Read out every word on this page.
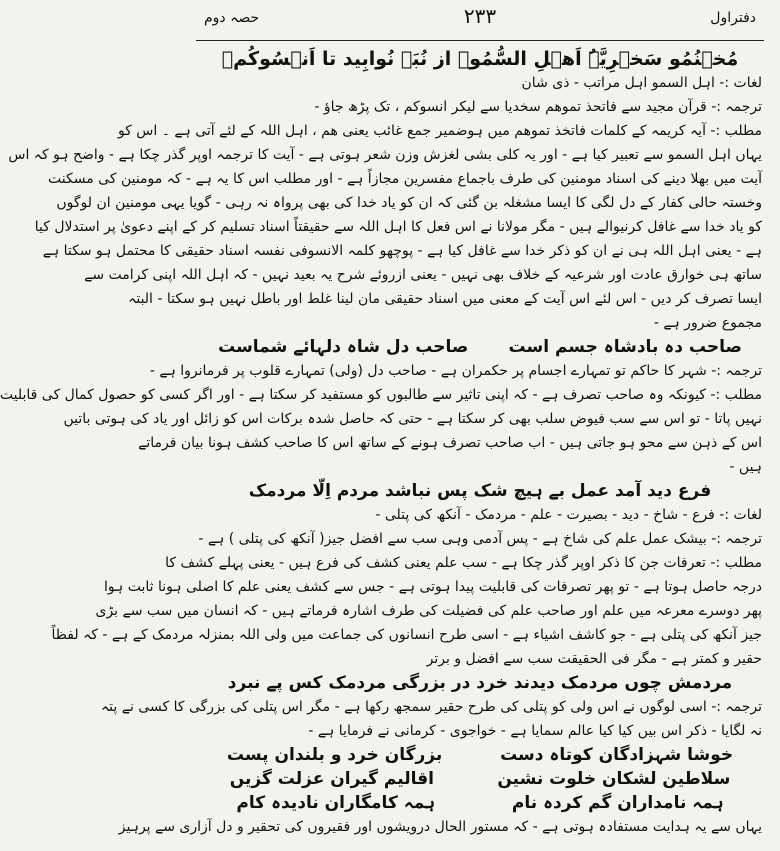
دفتراول
۲۳۳
حصہ دوم
مُخۡنُمُو سَخۡرِیَّۃُ اَهۡلِ السُّمُوۡ از نُبَے نُوابِید تا اَنۡسُوکُمۡ
لغات :- اہل السمو اہل مراتب - ذی شان
ترجمہ :- قرآن مجید سے فاتحذ تموھم سخدیا سے لیکر انسوکم ، تک پڑھ جاؤ -
مطلب :- آیہ کریمہ کے کلمات فاتخذ تموھم میں ہوضمیر جمع غائب یعنی ھم ، اہل اللہ کے لئے آتی ہے ۔ اس کو
یہاں اہل السمو سے تعبیر کیا ہے - اور یہ کلی بشی لغزش وزن شعر ہوتی ہے - آیت کا ترجمہ اوپر گذر چکا ہے - واضح ہو کہ اس
آیت میں بھلا دینے کی اسناد مومنین کی طرف باجماع مفسرین مجازاً ہے - اور مطلب اس کا یہ ہے - کہ مومنین کی مسکنت
وخستہ حالی کفار کے دل لگی کا ایسا مشغلہ بن گئی کہ ان کو یاد خدا کی بھی پرواہ نہ رہی - گویا یہی مومنین ان لوگوں
کو یاد خدا سے غافل کرنیوالے ہیں - مگر مولانا نے اس فعل کا اہل اللہ سے حقیقتاً اسناد تسلیم کر کے اپنے دعویٰ پر استدلال کیا
ہے - یعنی اہل اللہ ہی نے ان کو ذکر خدا سے غافل کیا ہے - پوچھو کلمہ الانسوفی نفسہ اسناد حقیقی کا محتمل ہو سکتا ہے
ساتھ ہی خوارق عادت اور شرعیہ کے خلاف بھی نہیں - یعنی ازروئے شرح یہ بعید نہیں - کہ اہل اللہ اپنی کرامت سے
ایسا تصرف کر دیں - اس لئے اس آیت کے معنی میں اسناد حقیقی مان لینا غلط اور باطل نہیں ہو سکتا - البتہ
مجموع ضرور ہے -
صاحب دہ بادشاہ جسم است
صاحب دل شاہ دلہائے شماست
ترجمہ :- شہر کا حاکم تو تمہارے اجسام پر حکمران ہے - صاحب دل (ولی) تمہارے قلوب پر فرمانروا ہے -
مطلب :- کیونکہ وہ صاحب تصرف ہے - کہ اپنی تاثیر سے طالبوں کو مستفید کر سکتا ہے - اور اگر کسی کو حصول کمال کی قابلیت
نہیں پاتا - تو اس سے سب فیوض سلب بھی کر سکتا ہے - حتی کہ حاصل شدہ برکات اس کو زائل اور یاد کی ہوتی باتیں
اس کے ذہن سے محو ہو جاتی ہیں - اب صاحب تصرف ہونے کے ساتھ اس کا صاحب کشف ہونا بیان فرماتے
ہیں -
فرع دید آمد عمل بے ہیچ شک پس نباشد مردم اِلّا مردمک
لغات :- فرع - شاخ - دید - بصیرت - علم - مردمک - آنکھ کی پتلی -
ترجمہ :- بیشک عمل علم کی شاخ ہے - پس آدمی وہی سب سے افضل جیز( آنکھ کی پتلی ) ہے -
مطلب :- تعرفات جن کا ذکر اوپر گذر چکا ہے - سب علم یعنی کشف کی فرع ہیں - یعنی پہلے کشف کا
درجہ حاصل ہوتا ہے - تو پھر تصرفات کی قابلیت پیدا ہوتی ہے - جس سے کشف یعنی علم کا اصلی ہونا ثابت ہوا
پھر دوسرے معرعہ میں علم اور صاحب علم کی فضیلت کی طرف اشارہ فرماتے ہیں - کہ انسان میں سب سے بڑی
جیز آنکھ کی پتلی ہے - جو کاشف اشیاء ہے - اسی طرح انسانوں کی جماعت میں ولی اللہ بمنزلہ مردمک کے ہے - کہ لفظاً
حقیر و کمتر ہے - مگر فی الحقیقت سب سے افضل و برتر
مردمش چوں مردمک دیدند خرد در بزرگی مردمک کس پے نبرد
ترجمہ :- اسی لوگوں نے اس ولی کو پتلی کی طرح حقیر سمجھ رکھا ہے - مگر اس پتلی کی بزرگی کا کسی نے پتہ
نہ لگایا - ذکر اس بیں کیا کیا عالم سمایا ہے - خواجوی - کرمانی نے فرمایا ہے -
خوشا شہزادگان کوتاہ دست
بزرگان خرد و بلندان پست
سلاطین لشکان خلوت نشین
اقالیم گیران عزلت گزیں
ہمہ نامداران گم کردہ نام
ہمہ کامگاران نادیدہ کام
یہاں سے یہ ہدایت مستفادہ ہوتی ہے - کہ مستور الحال درویشوں اور فقیروں کی تحقیر و دل آزاری سے پرہیز
